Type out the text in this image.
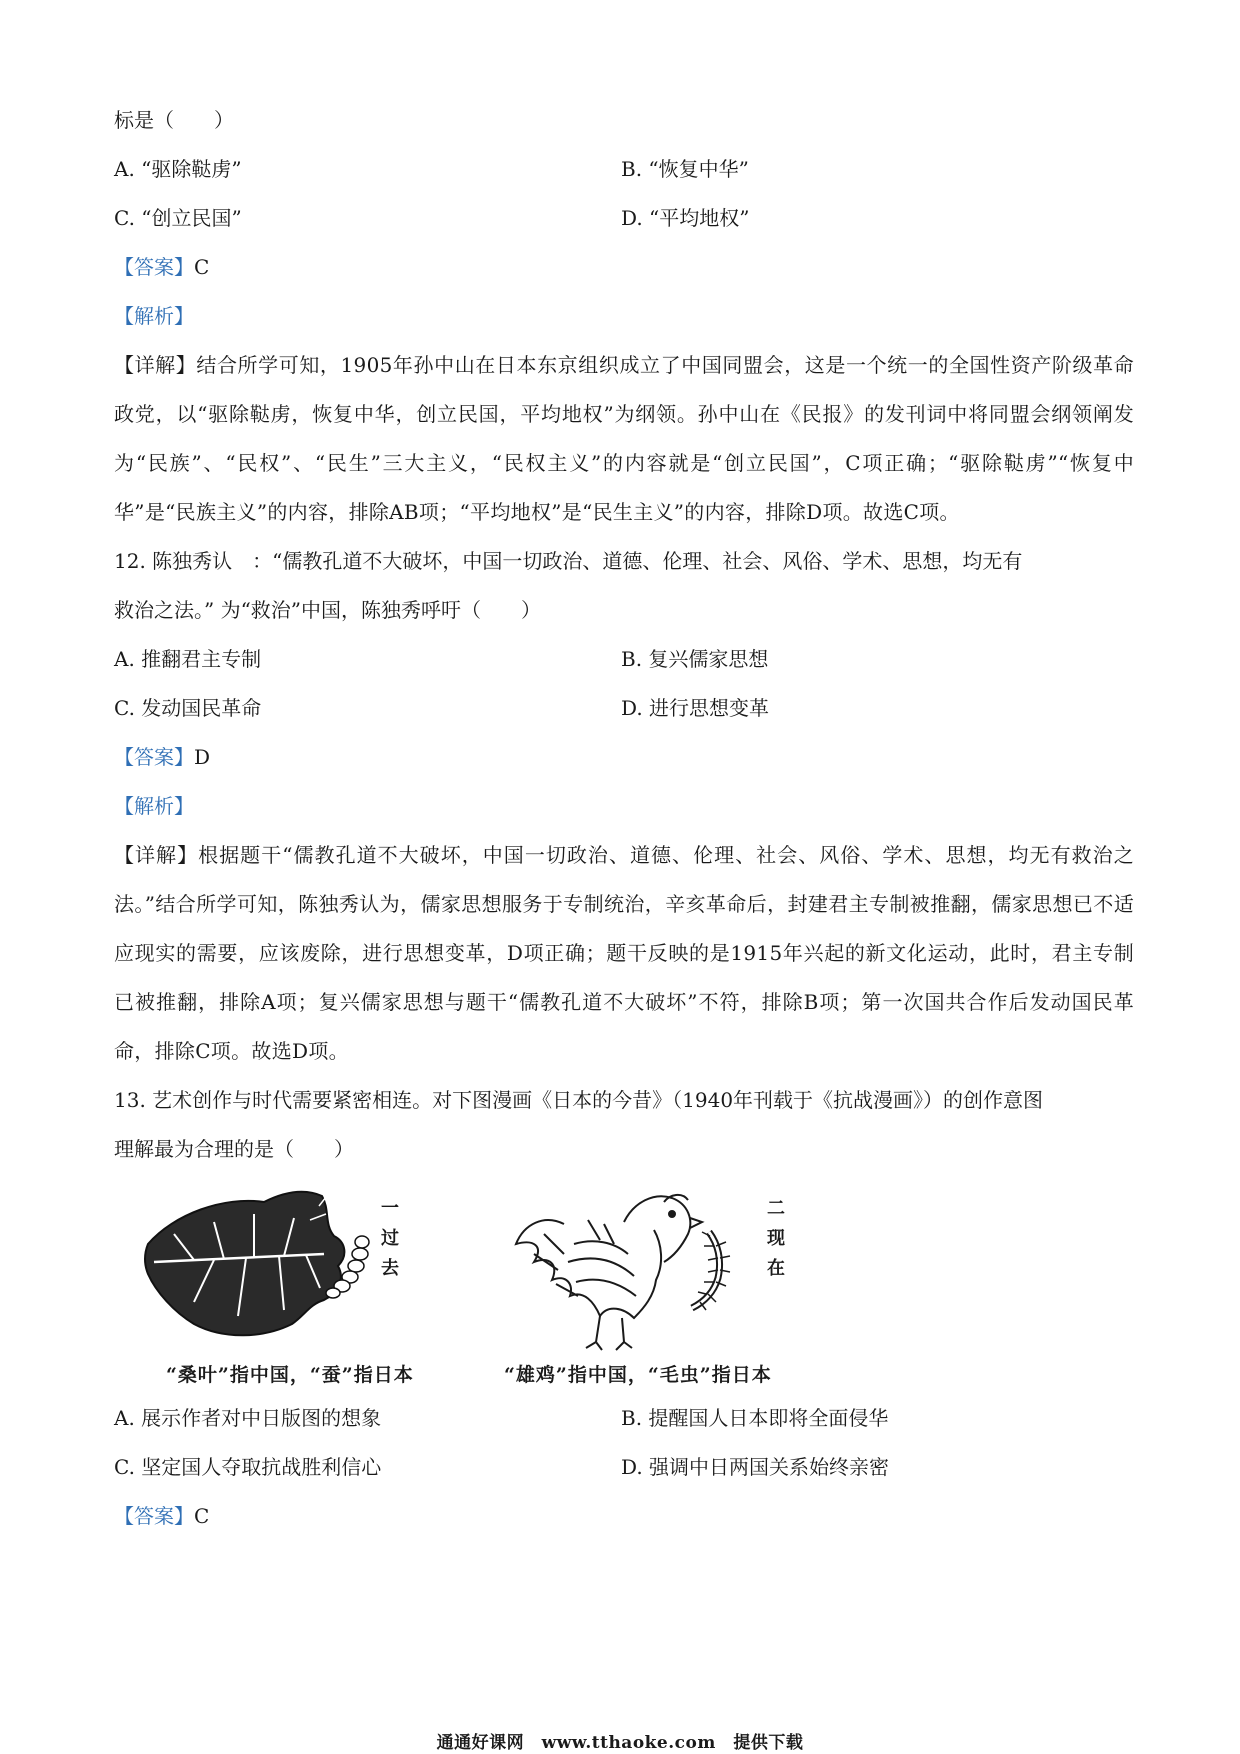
标是（　　）
A. “驱除鞑虏”	B. “恢复中华”
C. “创立民国”	D. “平均地权”
【答案】C
【解析】
【详解】结合所学可知，1905年孙中山在日本东京组织成立了中国同盟会，这是一个统一的全国性资产阶级革命政党，以“驱除鞑虏，恢复中华，创立民国，平均地权”为纲领。孙中山在《民报》的发刊词中将同盟会纲领阐发为“民族”、“民权”、“民生”三大主义，“民权主义”的内容就是“创立民国”，C项正确；“驱除鞑虏”“恢复中华”是“民族主义”的内容，排除AB项；“平均地权”是“民生主义”的内容，排除D项。故选C项。
12. 陈独秀认　：“儒教孔道不大破坏，中国一切政治、道德、伦理、社会、风俗、学术、思想，均无有
救治之法。” 为“救治”中国，陈独秀呼吁（　　）
A. 推翻君主专制	B. 复兴儒家思想
C. 发动国民革命	D. 进行思想变革
【答案】D
【解析】
【详解】根据题干“儒教孔道不大破坏，中国一切政治、道德、伦理、社会、风俗、学术、思想，均无有救治之法。”结合所学可知，陈独秀认为，儒家思想服务于专制统治，辛亥革命后，封建君主专制被推翻，儒家思想已不适应现实的需要，应该废除，进行思想变革，D项正确；题干反映的是1915年兴起的新文化运动，此时，君主专制已被推翻，排除A项；复兴儒家思想与题干“儒教孔道不大破坏”不符，排除B项；第一次国共合作后发动国民革命，排除C项。故选D项。
13. 艺术创作与时代需要紧密相连。对下图漫画《日本的今昔》（1940年刊载于《抗战漫画》）的创作意图
理解最为合理的是（　　）
一
过
去
“桑叶”指中国，“蚕”指日本
二
现
在
“雄鸡”指中国，“毛虫”指日本
A. 展示作者对中日版图的想象	B. 提醒国人日本即将全面侵华
C. 坚定国人夺取抗战胜利信心	D. 强调中日两国关系始终亲密
【答案】C
通通好课网　www.tthaoke.com　提供下载
